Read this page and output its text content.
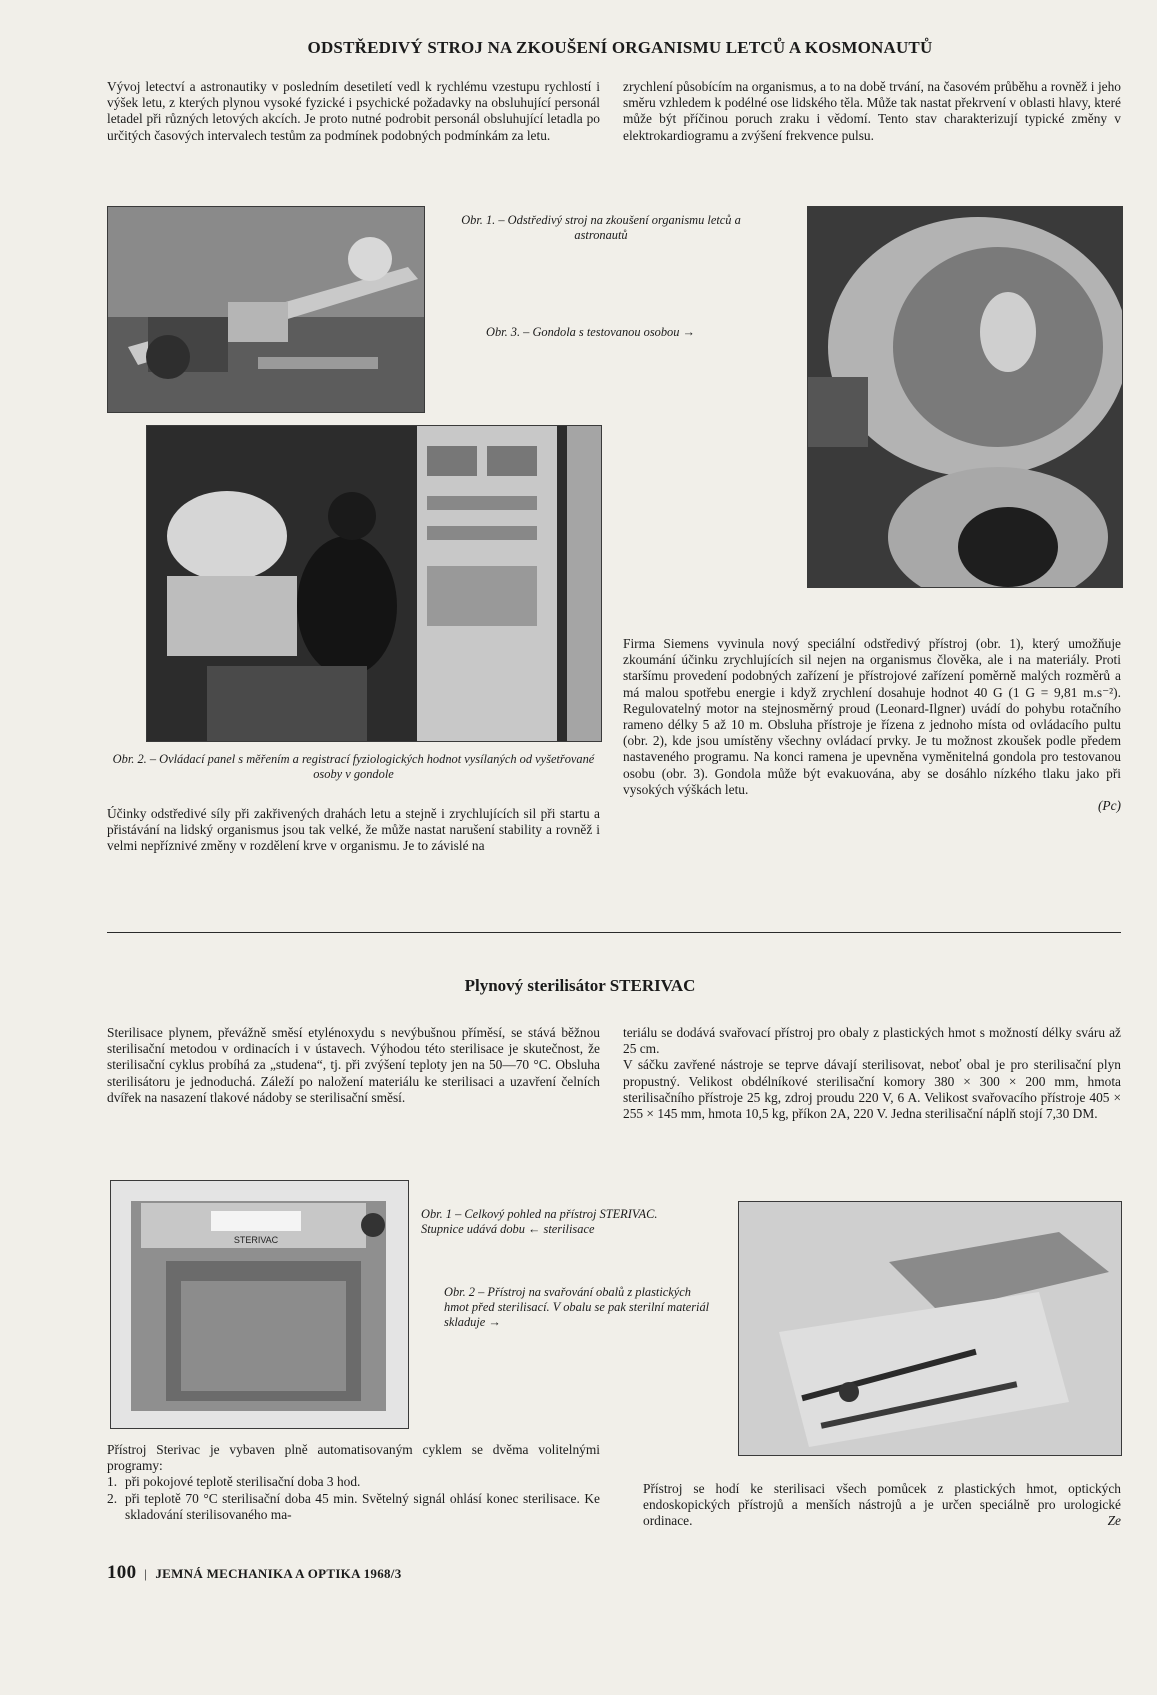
ODSTŘEDIVÝ STROJ NA ZKOUŠENÍ ORGANISMU LETCŮ A KOSMONAUTŮ

Vývoj letectví a astronautiky v posledním desetiletí vedl k rychlému vzestupu rychlostí i výšek letu, z kterých plynou vysoké fyzické i psychické požadavky na obsluhující personál letadel při různých letových akcích. Je proto nutné podrobit personál obsluhující letadla po určitých časových intervalech testům za podmínek podobných podmínkám za letu.

zrychlení působícím na organismus, a to na době trvání, na časovém průběhu a rovněž i jeho směru vzhledem k podélné ose lidského těla. Může tak nastat překrvení v oblasti hlavy, které může být příčinou poruch zraku i vědomí. Tento stav charakterizují typické změny v elektrokardiogramu a zvýšení frekvence pulsu.

Obr. 1. – Odstředivý stroj na zkoušení organismu letců a astronautů
Obr. 3. – Gondola s testovanou osobou →
Obr. 2. – Ovládací panel s měřením a registrací fyziologických hodnot vysílaných od vyšetřované osoby v gondole

Účinky odstředivé síly při zakřivených drahách letu a stejně i zrychlujících sil při startu a přistávání na lidský organismus jsou tak velké, že může nastat narušení stability a rovněž i velmi nepříznivé změny v rozdělení krve v organismu. Je to závislé na

Firma Siemens vyvinula nový speciální odstředivý přístroj (obr. 1), který umožňuje zkoumání účinku zrychlujících sil nejen na organismus člověka, ale i na materiály. Proti staršímu provedení podobných zařízení je přístrojové zařízení poměrně malých rozměrů a má malou spotřebu energie i když zrychlení dosahuje hodnot 40 G (1 G = 9,81 m.s⁻²). Regulovatelný motor na stejnosměrný proud (Leonard-Ilgner) uvádí do pohybu rotačního rameno délky 5 až 10 m. Obsluha přístroje je řízena z jednoho místa od ovládacího pultu (obr. 2), kde jsou umístěny všechny ovládací prvky. Je tu možnost zkoušek podle předem nastaveného programu. Na konci ramena je upevněna vyměnitelná gondola pro testovanou osobu (obr. 3). Gondola může být evakuována, aby se dosáhlo nízkého tlaku jako při vysokých výškách letu.

(Pc)
Plynový sterilisátor STERIVAC

Sterilisace plynem, převážně směsí etylénoxydu s nevýbušnou příměsí, se stává běžnou sterilisační metodou v ordinacích i v ústavech. Výhodou této sterilisace je skutečnost, že sterilisační cyklus probíhá za „studena“, tj. při zvýšení teploty jen na 50—70 °C. Obsluha sterilisátoru je jednoduchá. Záleží po naložení materiálu ke sterilisaci a uzavření čelních dvířek na nasazení tlakové nádoby se sterilisační směsí.

teriálu se dodává svařovací přístroj pro obaly z plastických hmot s možností délky sváru až 25 cm.

V sáčku zavřené nástroje se teprve dávají sterilisovat, neboť obal je pro sterilisační plyn propustný. Velikost obdélníkové sterilisační komory 380 × 300 × 200 mm, hmota sterilisačního přístroje 25 kg, zdroj proudu 220 V, 6 A. Velikost svařovacího přístroje 405 × 255 × 145 mm, hmota 10,5 kg, příkon 2A, 220 V. Jedna sterilisační náplň stojí 7,30 DM.

STERIVAC
Obr. 1 – Celkový pohled na přístroj STERIVAC. Stupnice udává dobu ← sterilisace
Obr. 2 – Přístroj na svařování obalů z plastických hmot před sterilisací. V obalu se pak sterilní materiál skladuje →

Přístroj Sterivac je vybaven plně automatisovaným cyklem se dvěma volitelnými programy:

1. při pokojové teplotě sterilisační doba 3 hod.
2. při teplotě 70 °C sterilisační doba 45 min. Světelný signál ohlásí konec sterilisace. Ke skladování sterilisovaného ma-

Přístroj se hodí ke sterilisaci všech pomůcek z plastických hmot, optických endoskopických přístrojů a menších nástrojů a je určen speciálně pro urologické ordinace.	Ze

100 | JEMNÁ MECHANIKA A OPTIKA 1968/3
